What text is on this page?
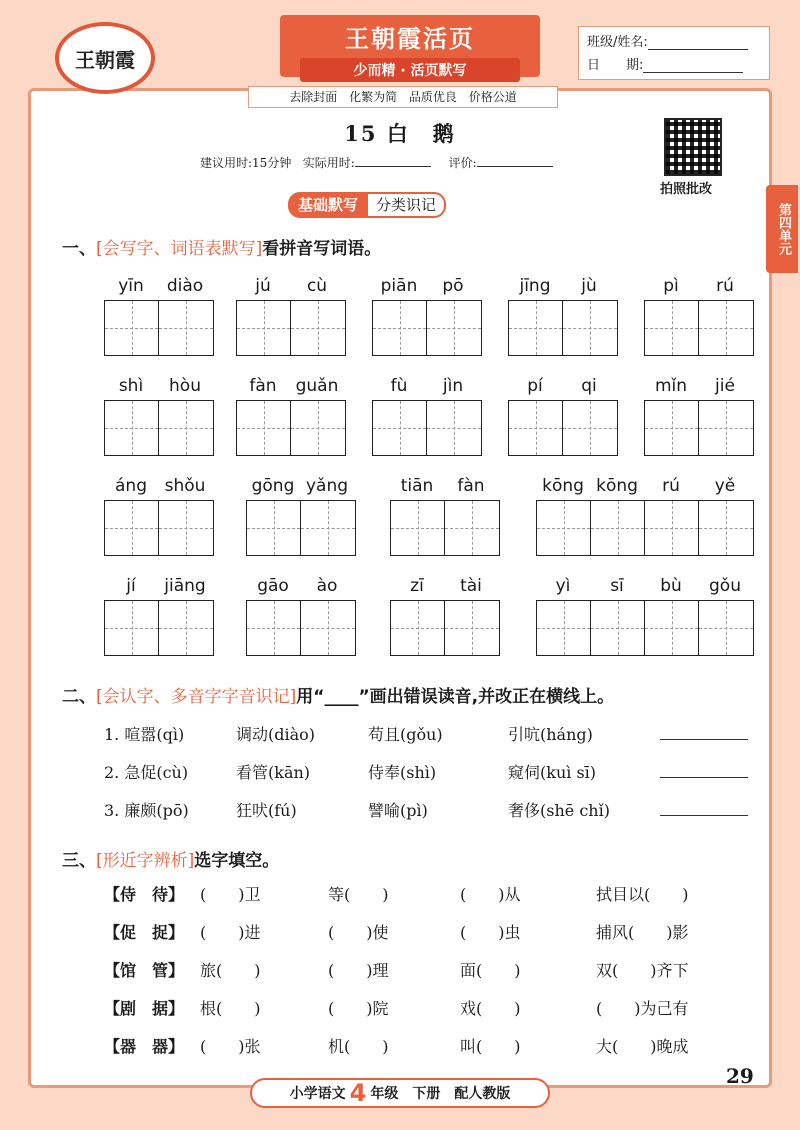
王朝霞
王朝霞活页
少而精 · 活页默写
去除封面 化繁为简 品质优良 价格公道
班级/姓名:
日　　期:
第四单元
15 白　鹅
建议用时:15分钟 实际用时:	评价:
拍照批改
基础默写	分类识记
一、[会写字、词语表默写]看拼音写词语。
yīn	diào	jú	cù	piān	pō	jīng	jù	pì	rú
shì	hòu	fàn	guǎn	fù	jìn	pí	qi	mǐn	jié
áng	shǒu	gōng yǎng	tiān	fàn	kōng kōng	rú	yě
jí	jiāng	gāo	ào	zī	tài	yì	sī	bù	gǒu
二、[会认字、多音字字音识记]用“____”画出错误读音,并改正在横线上。
1. 喧嚣(qì)	调动(diào)	苟且(gǒu)	引吭(háng)
2. 急促(cù)	看管(kān)	侍奉(shì)	窥伺(kuì sī)
3. 廉颇(pō)	狂吠(fú)	譬喻(pì)	奢侈(shē chǐ)
三、[形近字辨析]选字填空。
【侍　待】 (　　)卫	等(　　)	(　　)从	拭目以(　　)
【促　捉】 (　　)进	(　　)使	(　　)虫	捕风(　　)影
【馆　管】 旅(　　)	(　　)理	面(　　)	双(　　)齐下
【剧　据】 根(　　)	(　　)院	戏(　　)	(　　)为己有
【器　器】 (　　)张	机(　　)	叫(　　)	大(　　)晚成
小学语文 4 年级　下册　配人教版
29
